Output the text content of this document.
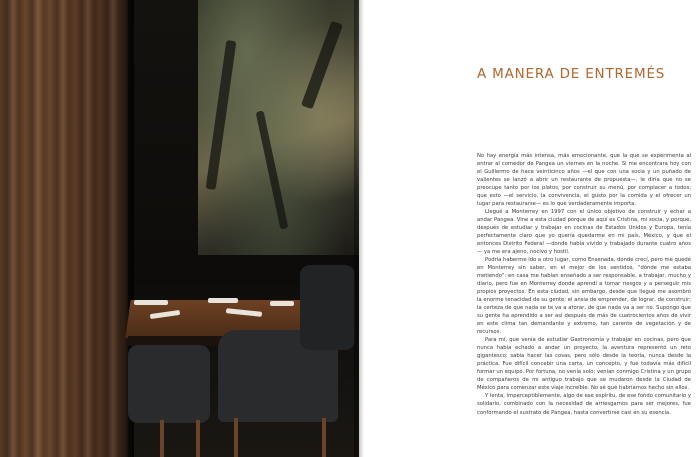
A MANERA DE ENTREMÉS

No hay energía más intensa, más emocionante, que la que se experimenta al entrar al comedor de Pangea un viernes en la noche. Si me encontrara hoy con el Guillermo de hace veinticinco años —el que con una socia y un puñado de valientes se lanzó a abrir un restaurante de propuesta—, le diría que no se preocupe tanto por los platos, por construir su menú, por complacer a todos; que esto —el servicio, la convivencia, el gusto por la comida y el ofrecer un lugar para restaurarse— es lo que verdaderamente importa.

Llegué a Monterrey en 1997 con el único objetivo de construir y echar a andar Pangea. Vine a esta ciudad porque de aquí es Cristina, mi socia, y porque, después de estudiar y trabajar en cocinas de Estados Unidos y Europa, tenía perfectamente claro que yo quería quedarme en mi país, México, y que el entonces Distrito Federal —donde había vivido y trabajado durante cuatro años— ya me era ajeno, nocivo y hostil.

Podría haberme ido a otro lugar, como Ensenada, donde crecí, pero me quedé en Monterrey sin saber, en el mejor de los sentidos, "dónde me estaba metiendo": en casa me habían enseñado a ser responsable, a trabajar, mucho y diario, pero fue en Monterrey donde aprendí a tomar riesgos y a perseguir mis propios proyectos. En esta ciudad, sin embargo, desde que llegué me asombró la enorme tenacidad de su gente; el ansia de emprender, de lograr, de construir; la certeza de que nada se te va a atorar, de que nada va a ser no. Supongo que su gente ha aprendido a ser así después de más de cuatrocientos años de vivir en este clima tan demandante y extremo, tan carente de vegetación y de recursos.

Para mí, que venía de estudiar Gastronomía y trabajar en cocinas, pero que nunca había echado a andar un proyecto, la aventura representó un reto gigantesco: sabía hacer las cosas, pero sólo desde la teoría, nunca desde la práctica. Fue difícil concebir una carta, un concepto, y fue todavía más difícil formar un equipo. Por fortuna, no venía solo: venían conmigo Cristina y un grupo de compañeros de mi antiguo trabajo que se mudaron desde la Ciudad de México para comenzar este viaje increíble. No sé qué habríamos hecho sin ellos.

Y lenta, imperceptiblemente, algo de ese espíritu, de ese fondo comunitario y solidario, combinado con la necesidad de arriesgarnos para ser mejores, fue conformando el sustrato de Pangea, hasta convertirse casi en su esencia.
